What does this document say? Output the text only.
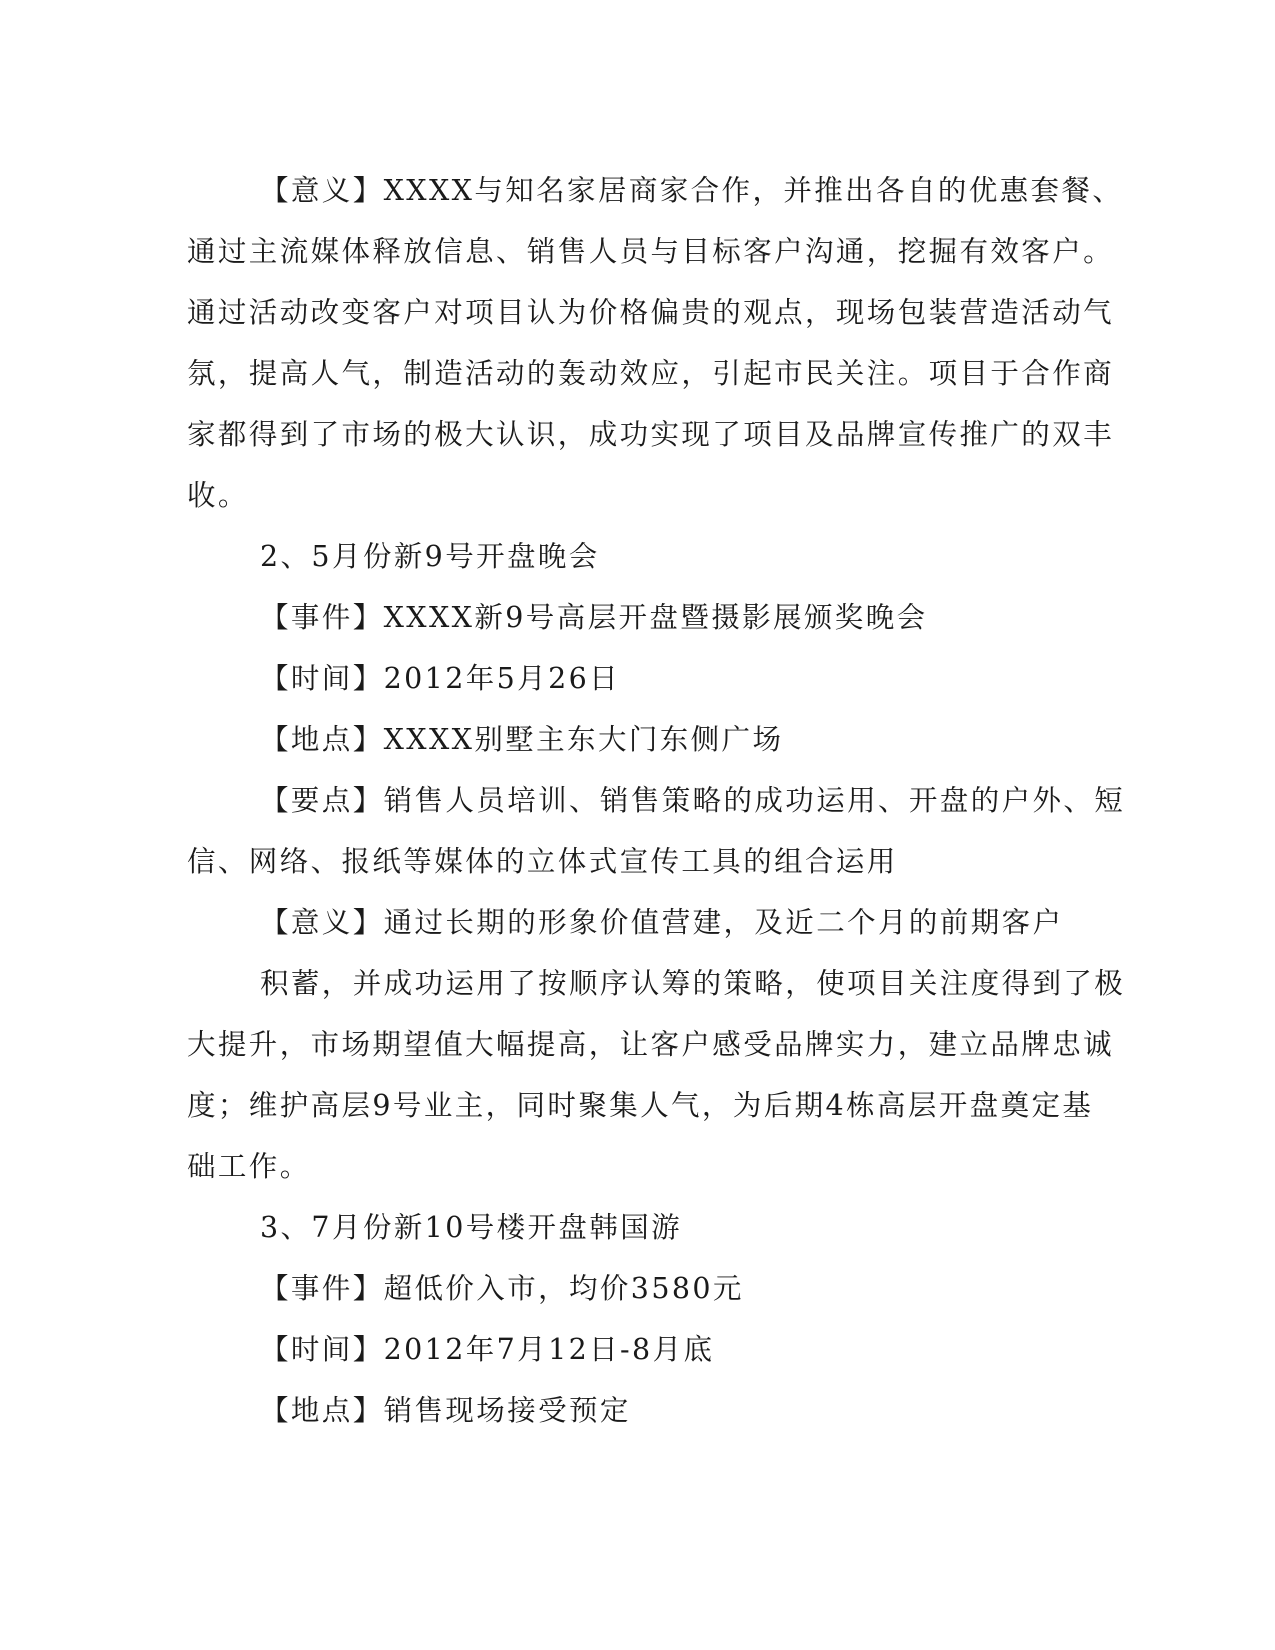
【意义】XXXX与知名家居商家合作，并推出各自的优惠套餐、
通过主流媒体释放信息、销售人员与目标客户沟通，挖掘有效客户。
通过活动改变客户对项目认为价格偏贵的观点，现场包装营造活动气
氛，提高人气，制造活动的轰动效应，引起市民关注。项目于合作商
家都得到了市场的极大认识，成功实现了项目及品牌宣传推广的双丰
收。
2、5月份新9号开盘晚会
【事件】XXXX新9号高层开盘暨摄影展颁奖晚会
【时间】2012年5月26日
【地点】XXXX别墅主东大门东侧广场
【要点】销售人员培训、销售策略的成功运用、开盘的户外、短
信、网络、报纸等媒体的立体式宣传工具的组合运用
【意义】通过长期的形象价值营建，及近二个月的前期客户
积蓄，并成功运用了按顺序认筹的策略，使项目关注度得到了极
大提升，市场期望值大幅提高，让客户感受品牌实力，建立品牌忠诚
度；维护高层9号业主，同时聚集人气，为后期4栋高层开盘奠定基
础工作。
3、7月份新10号楼开盘韩国游
【事件】超低价入市，均价3580元
【时间】2012年7月12日-8月底
【地点】销售现场接受预定
